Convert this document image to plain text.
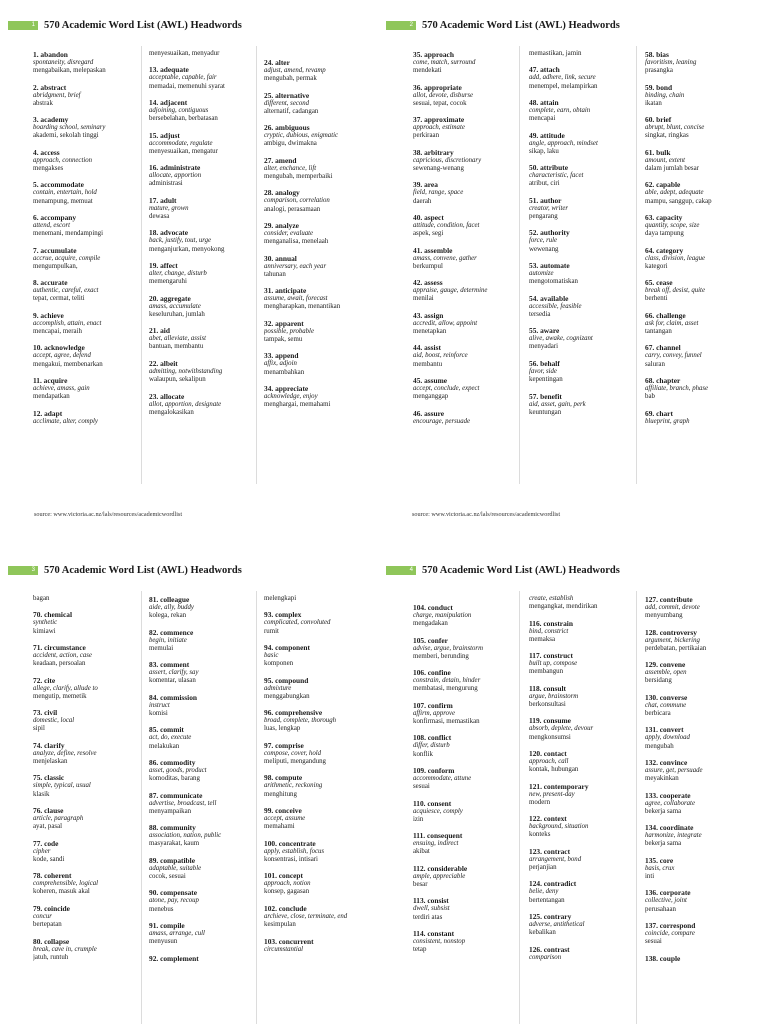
1 570 Academic Word List (AWL) Headwords	2 570 Academic Word List (AWL) Headwords
3 570 Academic Word List (AWL) Headwords	4 570 Academic Word List (AWL) Headwords
1. abandon
spontaneity, disregard
mengabaikan, melepaskan
2. abstract
abridgment, brief
abstrak
3. academy
boarding school, seminary
akademi, sekolah tinggi
4. access
approach, connection
mengakses
5. accommodate
contain, entertain, hold
menampung, memuat
6. accompany
attend, escort
menemani, mendampingi
7. accumulate
accrue, acquire, compile
mengumpulkan,
8. accurate
authentic, careful, exact
tepat, cermat, teliti
9. achieve
accomplish, attain, enact
mencapai, meraih
10. acknowledge
accept, agree, defend
mengakui, membenarkan
11. acquire
achieve, amass, gain
mendapatkan
12. adapt
acclimate, alter, comply
menyesuaikan, menyadur
13. adequate
acceptable, capable, fair
memadai, memenuhi syarat
14. adjacent
adjoining, contiguous
bersebelahan, berbatasan
15. adjust
accommodate, regulate
menyesuaikan, mengatur
16. administrate
allocate, apportion
administrasi
17. adult
mature, grown
dewasa
18. advocate
back, justify, tout, urge
menganjurkan, menyokong
19. affect
alter, change, disturb
memengaruhi
20. aggregate
amass, accumulate
keseluruhan, jumlah
21. aid
abet, alleviate, assist
bantuan, membantu
22. albeit
admitting, notwithstanding
walaupun, sekalipun
23. allocate
allot, apportion, designate
mengalokasikan
24. alter
adjust, amend, revamp
mengubah, permak
25. alternative
different, second
alternatif, cadangan
26. ambiguous
cryptic, dubious, enigmatic
ambigu, dwimakna
27. amend
alter, enchance, lift
mengubah, memperbaiki
28. analogy
comparison, correlation
analogi, perasamaan
29. analyze
consider, evaluate
menganalisa, menelaah
30. annual
anniversary, each year
tahunan
31. anticipate
assume, await, forecast
mengharapkan, menantikan
32. apparent
possible, probable
tampak, semu
33. append
affix, adjoin
menambahkan
34. appreciate
acknowledge, enjoy
menghargai, memahami
35. approach
come, match, surround
mendekati
36. appropriate
allot, devote, disburse
sesuai, tepat, cocok
37. approximate
approach, estimate
perkiraan
38. arbitrary
capricious, discretionary
sewenang-wenang
39. area
field, range, space
daerah
40. aspect
attitude, condition, facet
aspek, segi
41. assemble
amass, convene, gather
berkumpul
42. assess
appraise, gauge, determine
menilai
43. assign
accredit, allow, appoint
menetapkan
44. assist
aid, boost, reinforce
membantu
45. assume
accept, conclude, expect
menganggap
46. assure
encourage, persuade
memastikan, jamin
47. attach
add, adhere, link, secure
menempel, melampirkan
48. attain
complete, earn, obtain
mencapai
49. attitude
angle, approach, mindset
sikap, laku
50. attribute
characteristic, facet
atribut, ciri
51. author
creator, writer
pengarang
52. authority
force, rule
wewenang
53. automate
automize
mengotomatiskan
54. available
accessible, feasible
tersedia
55. aware
alive, awake, cognizant
menyadari
56. behalf
favor, side
kepentingan
57. benefit
aid, asset, gain, perk
keuntungan
58. bias
favoritism, leaning
prasangka
59. bond
binding, chain
ikatan
60. brief
abrupt, blunt, concise
singkat, ringkas
61. bulk
amount, extent
dalam jumlah besar
62. capable
able, adept, adequate
mampu, sanggup, cakap
63. capacity
quantity, scope, size
daya tampung
64. category
class, division, league
kategori
65. cease
break off, desist, quite
berhenti
66. challenge
ask for, claim, asset
tantangan
67. channel
carry, convey, funnel
saluran
68. chapter
affiliate, branch, phase
bab
69. chart
blueprint, graph
bagan
70. chemical
synthetic
kimiawi
71. circumstance
accident, action, case
keadaan, persoalan
72. cite
allege, clarify, allude to
mengutip, memetik
73. civil
domestic, local
sipil
74. clarify
analyze, define, resolve
menjelaskan
75. classic
simple, typical, usual
klasik
76. clause
article, paragraph
ayat, pasal
77. code
cipher
kode, sandi
78. coherent
comprehensible, logical
koheren, masuk akal
79. coincide
concur
bertepatan
80. collapse
break, cave in, crumple
jatuh, runtuh
81. colleague
aide, ally, buddy
kolega, rekan
82. commence
begin, initiate
memulai
83. comment
assert, clarify, say
komentar, ulasan
84. commission
instruct
komisi
85. commit
act, do, execute
melakukan
86. commodity
asset, goods, product
komoditas, barang
87. communicate
advertise, broadcast, tell
menyampaikan
88. community
association, nation, public
masyarakat, kaum
89. compatible
adaptable, suitable
cocok, sesuai
90. compensate
atone, pay, recoup
menebus
91. compile
amass, arrange, cull
menyusun
92. complement
melengkapi
93. complex
complicated, convoluted
rumit
94. component
basic
komponen
95. compound
admixture
menggabungkan
96. comprehensive
broad, complete, thorough
luas, lengkap
97. comprise
compose, cover, hold
meliputi, mengandung
98. compute
arithmetic, reckoning
menghitung
99. conceive
accept, assume
memahami
100. concentrate
apply, establish, focus
konsentrasi, intisari
101. concept
approach, notion
konsep, gagasan
102. conclude
archieve, close, terminate, end
kesimpulan
103. concurrent
circumstantial
104. conduct
charge, manipulation
mengadakan
105. confer
advise, argue, brainstorm
memberi, berunding
106. confine
constrain, detain, hinder
membatasi, mengurung
107. confirm
affirm, approve
konfirmasi, memastikan
108. conflict
differ, disturb
konflik
109. conform
accommodate, attune
sesuai
110. consent
acquiesce, comply
izin
111. consequent
ensuing, indirect
akibat
112. considerable
ample, appreciable
besar
113. consist
dwell, subsist
terdiri atas
114. constant
consistent, nonstop
tetap
create, establish
mengangkat, mendirikan
116. constrain
bind, constrict
memaksa
117. construct
built up, compose
membangun
118. consult
argue, brainstorm
berkonsultasi
119. consume
absorb, deplete, devour
mengkonsumsi
120. contact
approach, call
kontak, hubungan
121. contemporary
new, present-day
modern
122. context
background, situation
konteks
123. contract
arrangement, bond
perjanjian
124. contradict
belie, deny
bertentangan
125. contrary
adverse, antithetical
kebalikan
126. contrast
comparison
127. contribute
add, commit, devote
menyumbang
128. controversy
argument, bickering
perdebatan, pertikaian
129. convene
assemble, open
bersidang
130. converse
chat, commune
berbicara
131. convert
apply, download
mengubah
132. convince
assure, get, persuade
meyakinkan
133. cooperate
agree, collaborate
bekerja sama
134. coordinate
harmonize, integrate
bekerja sama
135. core
basis, crux
inti
136. corporate
collective, joint
perusahaan
137. correspond
coincide, compare
sesuai
138. couple
source: www.victoria.ac.nz/lals/resources/academicwordlist	source: www.victoria.ac.nz/lals/resources/academicwordlist
